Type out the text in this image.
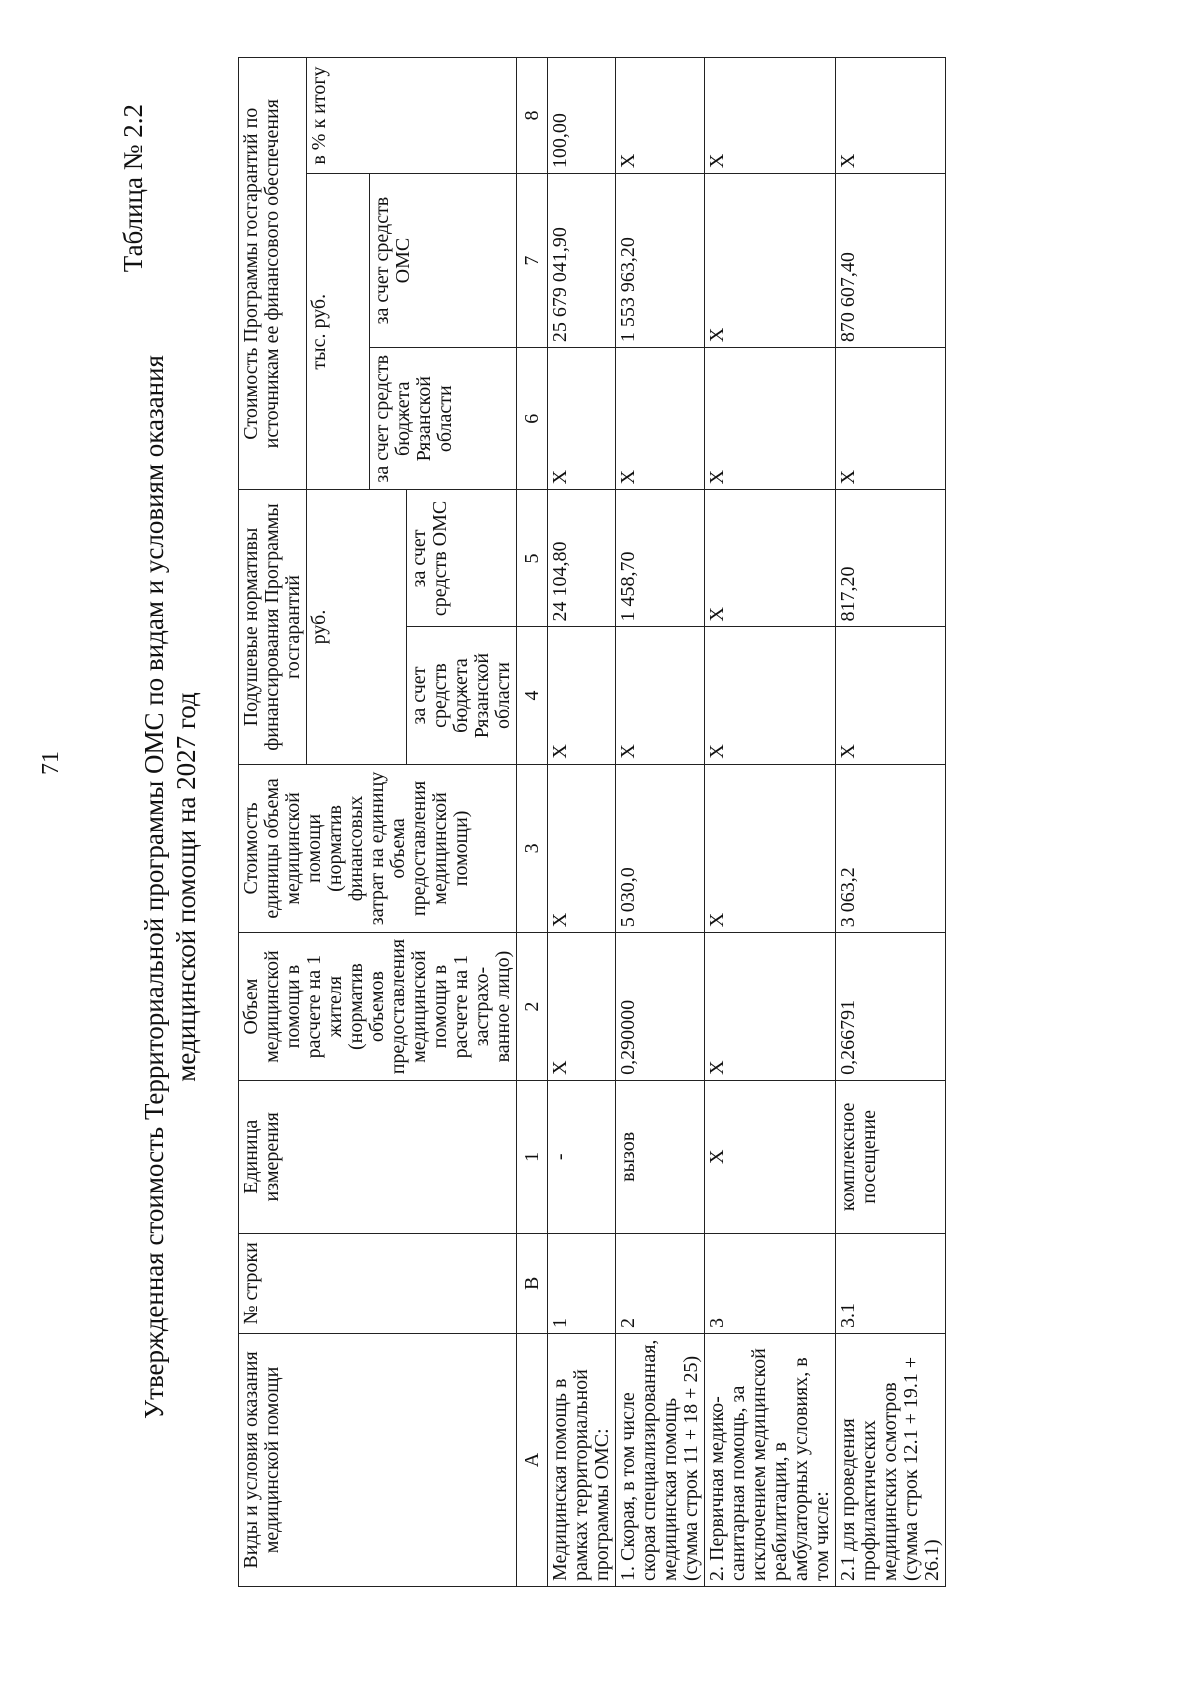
71
Таблица № 2.2
Утвержденная стоимость Территориальной программы ОМС по видам и условиям оказания медицинской помощи на 2027 год
Виды и условия оказания медицинской помощи	№ строки	Единица измерения	Объем медицинской помощи в расчете на 1 жителя (норматив объемов предоставления медицинской помощи в расчете на 1 застрахо-ванное лицо)	Стоимость единицы объема медицинской помощи (норматив финансовых затрат на единицу объема предоставления медицинской помощи)	Подушевые нормативы финансирования Программы госгарантий		Стоимость Программы госгарантий по источникам ее финансового обеспечения		
					руб.		тыс. руб.		в % к итогу
							за счет средств бюджета Рязанской области	за счет средств ОМС	
					за счет средств бюджета Рязанской области	за счет средств ОМС			
А	В	1	2	3	4	5	6	7	8
Медицинская помощь в рамках территориальной программы ОМС:	1	-	Х	Х	Х	24 104,80	Х	25 679 041,90	100,00
1. Скорая, в том числе скорая специализированная, медицинская помощь (сумма строк 11 + 18 + 25)	2	вызов	0,290000	5 030,0	Х	1 458,70	Х	1 553 963,20	Х
2. Первичная медико-санитарная помощь, за исключением медицинской реабилитации, в амбулаторных условиях, в том числе:	3	Х	Х	Х	Х	Х	Х	Х	Х
2.1 для проведения профилактических медицинских осмотров (сумма строк 12.1 + 19.1 + 26.1)	3.1	комплексное посещение	0,266791	3 063,2	Х	817,20	Х	870 607,40	Х
